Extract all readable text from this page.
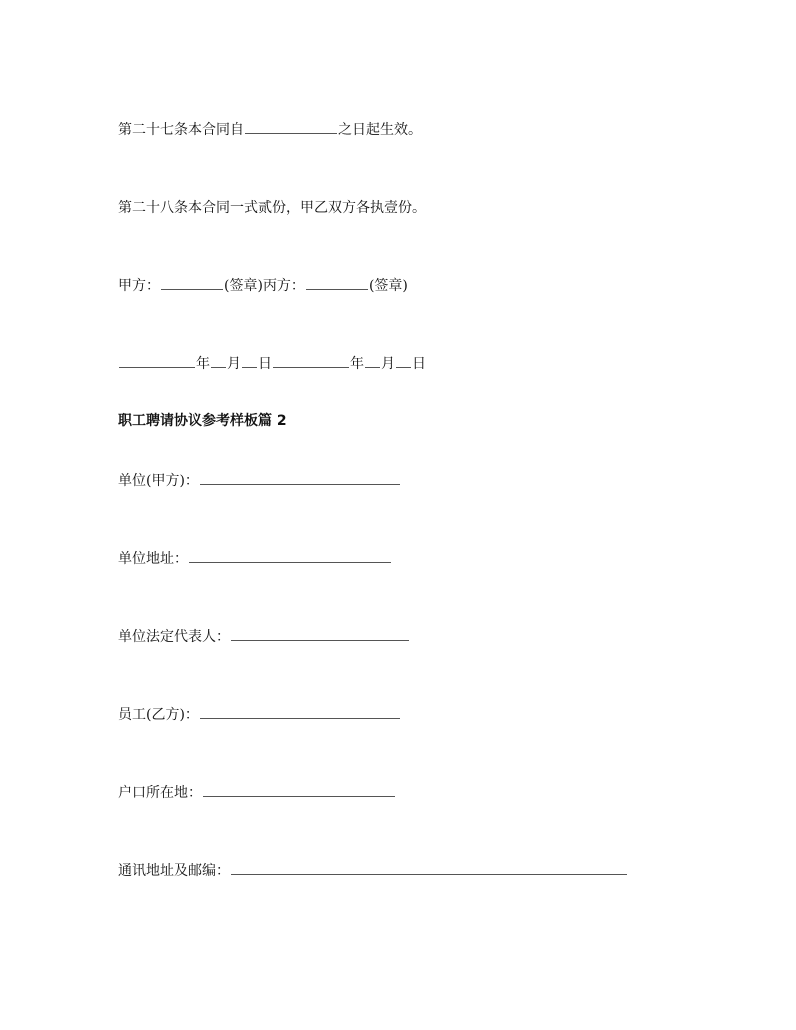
第二十七条本合同自	之日起生效。
第二十八条本合同一式贰份，甲乙双方各执壹份。
甲方：	(签章)丙方：	(签章)
年 月 日	年 月 日
职工聘请协议参考样板篇 2
单位(甲方)：
单位地址：
单位法定代表人：
员工(乙方)：
户口所在地：
通讯地址及邮编：
